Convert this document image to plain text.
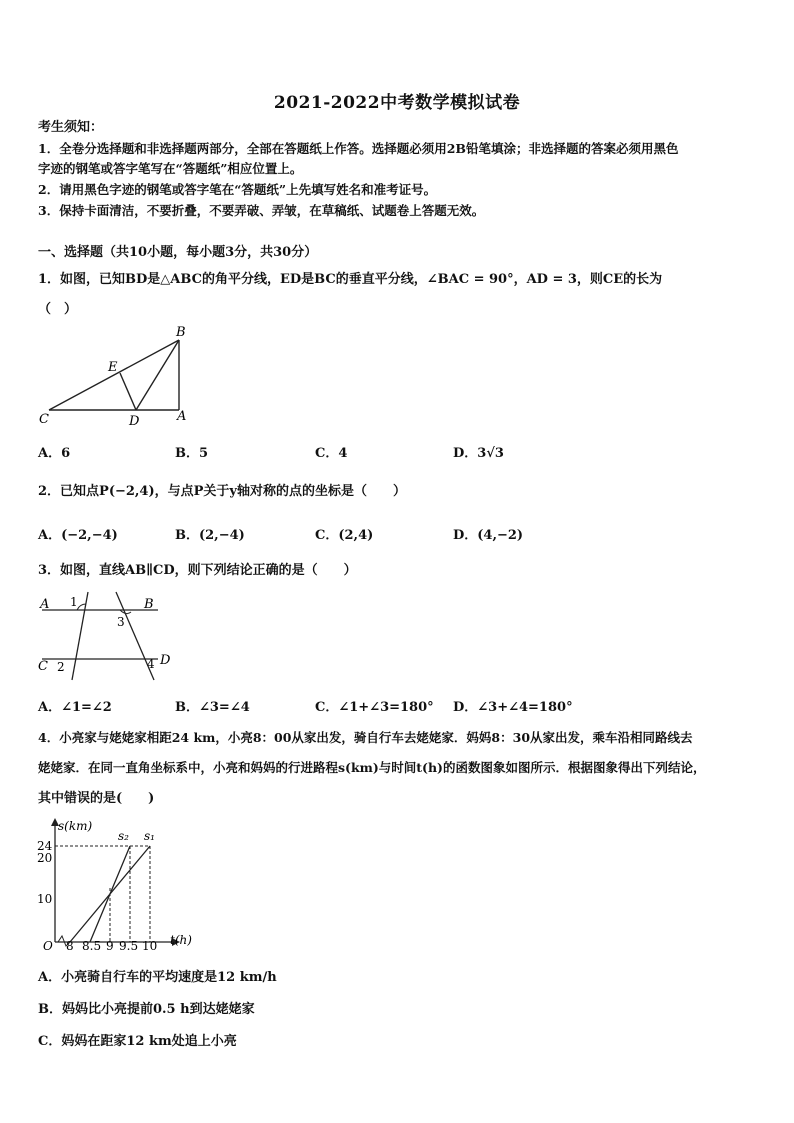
2021-2022中考数学模拟试卷
考生须知：
1．全卷分选择题和非选择题两部分，全部在答题纸上作答。选择题必须用2B铅笔填涂；非选择题的答案必须用黑色
字迹的钢笔或答字笔写在“答题纸”相应位置上。
2．请用黑色字迹的钢笔或答字笔在“答题纸”上先填写姓名和准考证号。
3．保持卡面清洁，不要折叠，不要弄破、弄皱，在草稿纸、试题卷上答题无效。
一、选择题（共10小题，每小题3分，共30分）
1．如图，已知BD是△ABC的角平分线，ED是BC的垂直平分线，∠BAC = 90°，AD = 3，则CE的长为
（　）
B
E
C	D	A
A．6	B．5	C．4	D．3√3
2．已知点P(−2,4)，与点P关于y轴对称的点的坐标是（　　）
A．(−2,−4)	B．(2,−4)	C．(2,4)	D．(4,−2)
3．如图，直线AB∥CD，则下列结论正确的是（　　）
A	B
C	D
1
3
2	4
A．∠1=∠2	B．∠3=∠4	C．∠1+∠3=180° D．∠3+∠4=180°
4．小亮家与姥姥家相距24 km，小亮8：00从家出发，骑自行车去姥姥家．妈妈8：30从家出发，乘车沿相同路线去
姥姥家．在同一直角坐标系中，小亮和妈妈的行进路程s(km)与时间t(h)的函数图象如图所示．根据图象得出下列结论，
其中错误的是(　　)
s(km)
t(h)
O
24
20
10
8 8.5 9 9.5 10
s₂ s₁
A．小亮骑自行车的平均速度是12 km/h
B．妈妈比小亮提前0.5 h到达姥姥家
C．妈妈在距家12 km处追上小亮
